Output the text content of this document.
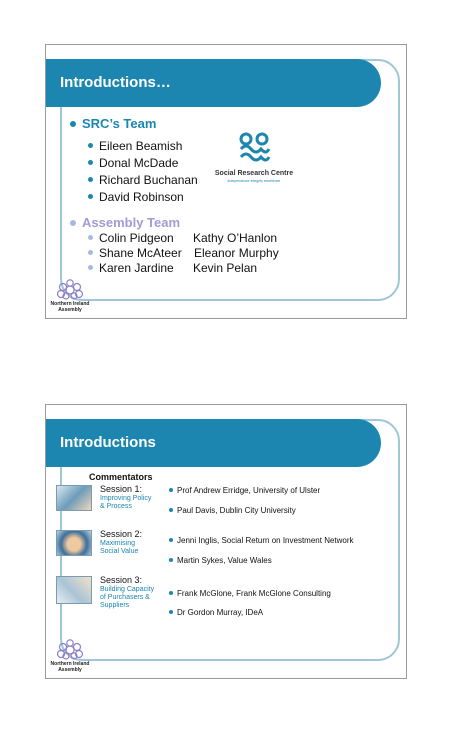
Introductions…
SRC’s Team
Eileen Beamish
Donal McDade
Richard Buchanan
David Robinson
Social Research Centre
independence integrity excellence
Assembly Team
Colin Pidgeon Kathy O’Hanlon
Shane McAteer Eleanor Murphy
Karen Jardine Kevin Pelan
Northern Ireland
Assembly
Introductions
Commentators
Session 1:
Improving Policy
& Process
Prof Andrew Erridge, University of Ulster
Paul Davis, Dublin City University
Session 2:
Maximising
Social Value
Jenni Inglis, Social Return on Investment Network
Martin Sykes, Value Wales
Session 3:
Building Capacity
of Purchasers &
Suppliers
Frank McGlone, Frank McGlone Consulting
Dr Gordon Murray, IDeA
Northern Ireland
Assembly
